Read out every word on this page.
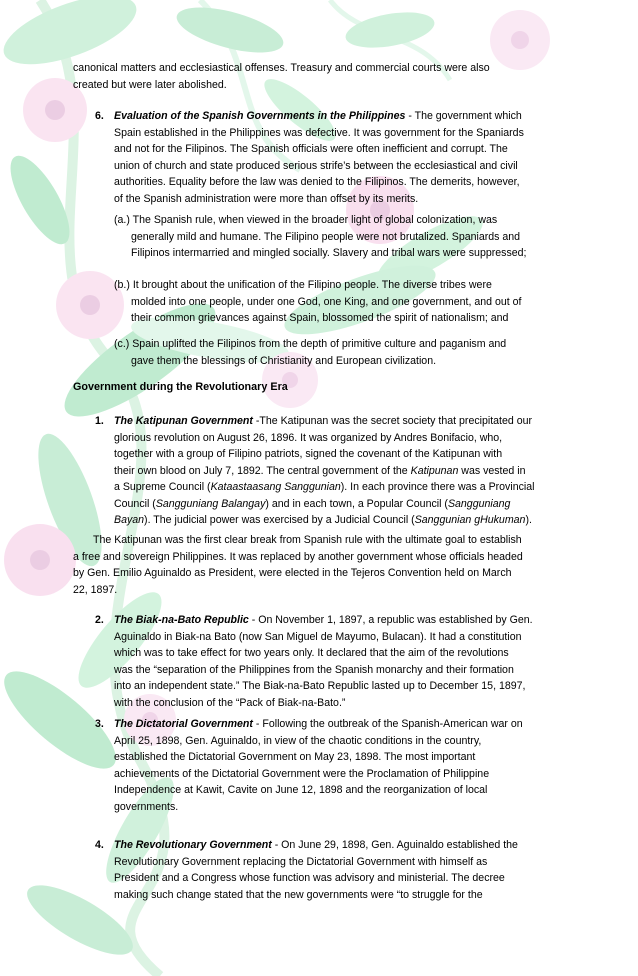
canonical matters and ecclesiastical offenses. Treasury and commercial courts were also
created but were later abolished.
6. Evaluation of the Spanish Governments in the Philippines - The government which
Spain established in the Philippines was defective. It was government for the Spaniards
and not for the Filipinos. The Spanish officials were often inefficient and corrupt. The
union of church and state produced serious strife’s between the ecclesiastical and civil
authorities. Equality before the law was denied to the Filipinos. The demerits, however,
of the Spanish administration were more than offset by its merits.
(a.) The Spanish rule, when viewed in the broader light of global colonization, was
generally mild and humane. The Filipino people were not brutalized. Spaniards and
Filipinos intermarried and mingled socially. Slavery and tribal wars were suppressed;
(b.) It brought about the unification of the Filipino people. The diverse tribes were
molded into one people, under one God, one King, and one government, and out of
their common grievances against Spain, blossomed the spirit of nationalism; and
(c.) Spain uplifted the Filipinos from the depth of primitive culture and paganism and
gave them the blessings of Christianity and European civilization.
Government during the Revolutionary Era
1. The Katipunan Government -The Katipunan was the secret society that precipitated our
glorious revolution on August 26, 1896. It was organized by Andres Bonifacio, who,
together with a group of Filipino patriots, signed the covenant of the Katipunan with
their own blood on July 7, 1892. The central government of the Katipunan was vested in
a Supreme Council (Kataastaasang Sanggunian). In each province there was a Provincial
Council (Sangguniang Balangay) and in each town, a Popular Council (Sangguniang
Bayan). The judicial power was exercised by a Judicial Council (Sanggunian gHukuman).
The Katipunan was the first clear break from Spanish rule with the ultimate goal to establish
a free and sovereign Philippines. It was replaced by another government whose officials headed
by Gen. Emilio Aguinaldo as President, were elected in the Tejeros Convention held on March
22, 1897.
2. The Biak-na-Bato Republic - On November 1, 1897, a republic was established by Gen.
Aguinaldo in Biak-na Bato (now San Miguel de Mayumo, Bulacan). It had a constitution
which was to take effect for two years only. It declared that the aim of the revolutions
was the “separation of the Philippines from the Spanish monarchy and their formation
into an independent state.” The Biak-na-Bato Republic lasted up to December 15, 1897,
with the conclusion of the “Pack of Biak-na-Bato.”
3. The Dictatorial Government - Following the outbreak of the Spanish-American war on
April 25, 1898, Gen. Aguinaldo, in view of the chaotic conditions in the country,
established the Dictatorial Government on May 23, 1898. The most important
achievements of the Dictatorial Government were the Proclamation of Philippine
Independence at Kawit, Cavite on June 12, 1898 and the reorganization of local
governments.
4. The Revolutionary Government - On June 29, 1898, Gen. Aguinaldo established the
Revolutionary Government replacing the Dictatorial Government with himself as
President and a Congress whose function was advisory and ministerial. The decree
making such change stated that the new governments were “to struggle for the
